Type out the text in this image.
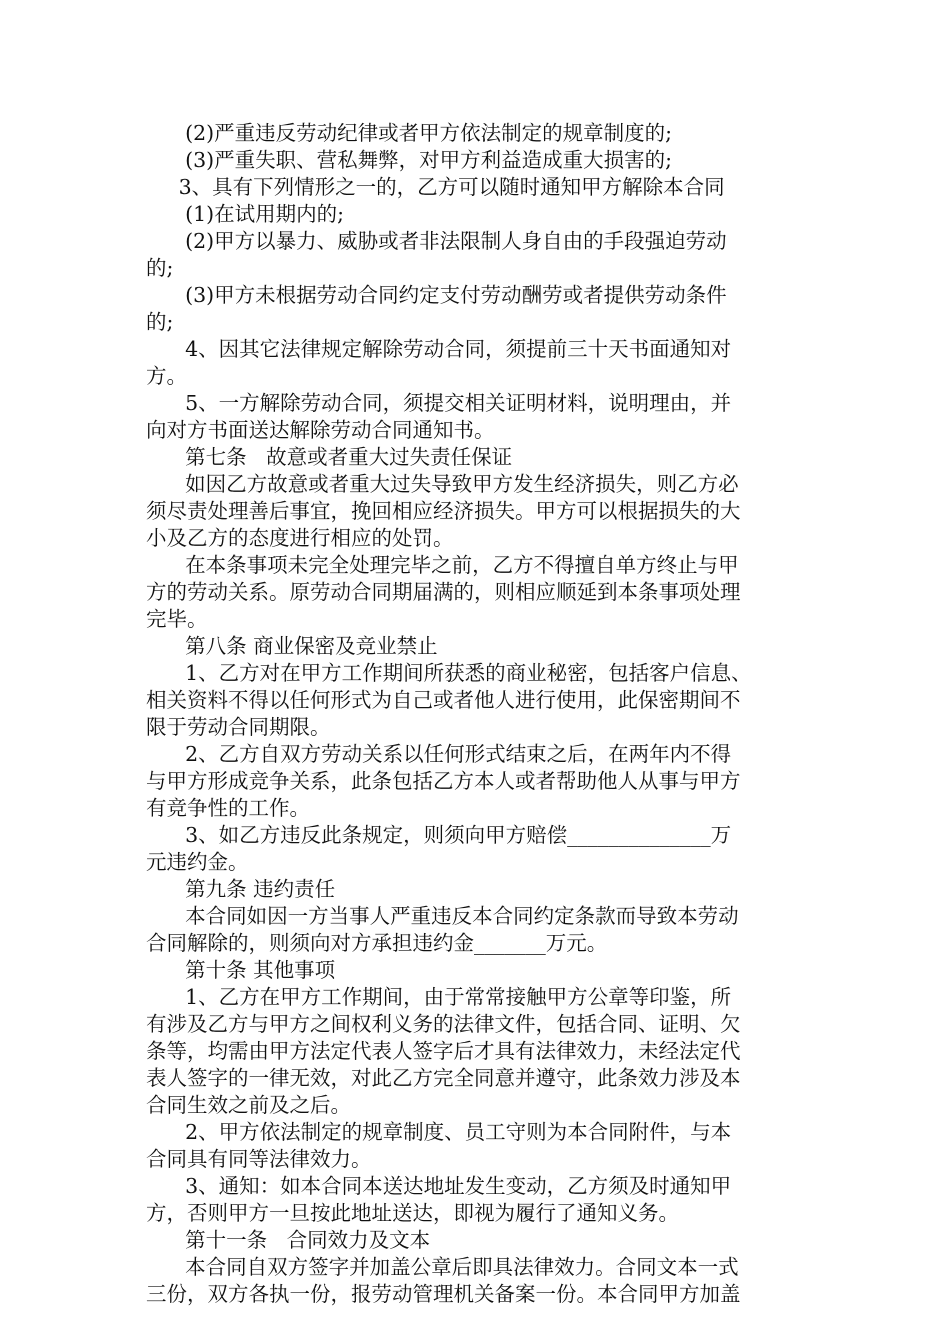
(2)严重违反劳动纪律或者甲方依法制定的规章制度的;
(3)严重失职、营私舞弊，对甲方利益造成重大损害的;
3、具有下列情形之一的，乙方可以随时通知甲方解除本合同
(1)在试用期内的;
(2)甲方以暴力、威胁或者非法限制人身自由的手段强迫劳动
的;
(3)甲方未根据劳动合同约定支付劳动酬劳或者提供劳动条件
的;
4、因其它法律规定解除劳动合同，须提前三十天书面通知对
方。
5、一方解除劳动合同，须提交相关证明材料，说明理由，并
向对方书面送达解除劳动合同通知书。
第七条   故意或者重大过失责任保证
如因乙方故意或者重大过失导致甲方发生经济损失，则乙方必
须尽责处理善后事宜，挽回相应经济损失。甲方可以根据损失的大
小及乙方的态度进行相应的处罚。
在本条事项未完全处理完毕之前，乙方不得擅自单方终止与甲
方的劳动关系。原劳动合同期届满的，则相应顺延到本条事项处理
完毕。
第八条 商业保密及竞业禁止
1、乙方对在甲方工作期间所获悉的商业秘密，包括客户信息、
相关资料不得以任何形式为自己或者他人进行使用，此保密期间不
限于劳动合同期限。
2、乙方自双方劳动关系以任何形式结束之后，在两年内不得
与甲方形成竞争关系，此条包括乙方本人或者帮助他人从事与甲方
有竞争性的工作。
3、如乙方违反此条规定，则须向甲方赔偿______________万
元违约金。
第九条 违约责任
本合同如因一方当事人严重违反本合同约定条款而导致本劳动
合同解除的，则须向对方承担违约金_______万元。
第十条 其他事项
1、乙方在甲方工作期间，由于常常接触甲方公章等印鉴，所
有涉及乙方与甲方之间权利义务的法律文件，包括合同、证明、欠
条等，均需由甲方法定代表人签字后才具有法律效力，未经法定代
表人签字的一律无效，对此乙方完全同意并遵守，此条效力涉及本
合同生效之前及之后。
2、甲方依法制定的规章制度、员工守则为本合同附件，与本
合同具有同等法律效力。
3、通知：如本合同本送达地址发生变动，乙方须及时通知甲
方，否则甲方一旦按此地址送达，即视为履行了通知义务。
第十一条   合同效力及文本
本合同自双方签字并加盖公章后即具法律效力。合同文本一式
三份，双方各执一份，报劳动管理机关备案一份。本合同甲方加盖
